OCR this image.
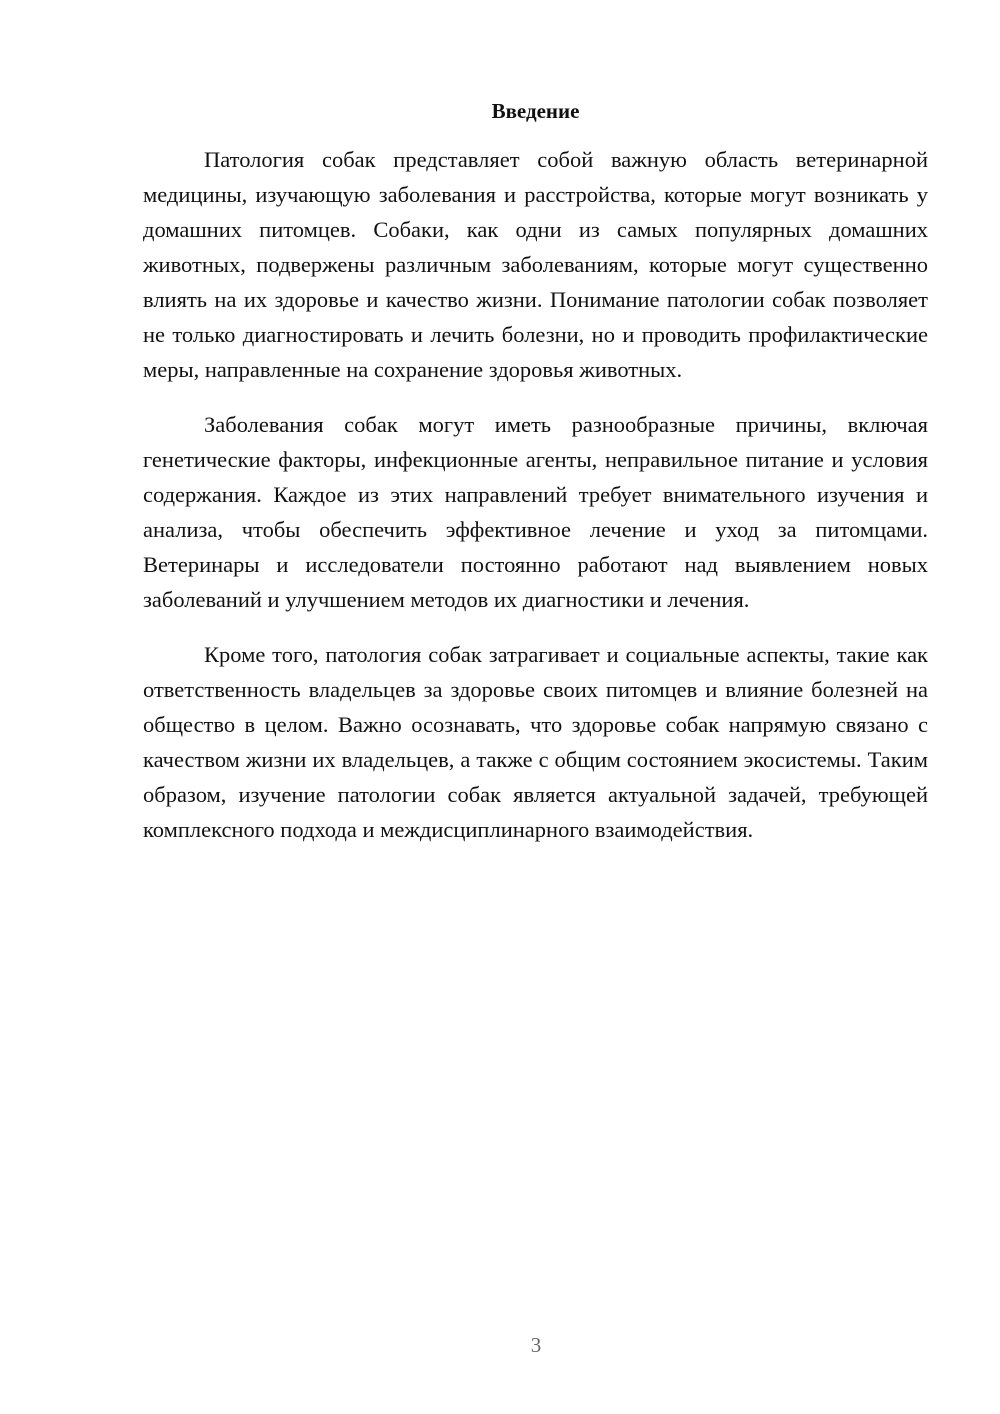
Введение

Патология собак представляет собой важную область ветеринарной медицины, изучающую заболевания и расстройства, которые могут возникать у домашних питомцев. Собаки, как одни из самых популярных домашних животных, подвержены различным заболеваниям, которые могут существенно влиять на их здоровье и качество жизни. Понимание патологии собак позволяет не только диагностировать и лечить болезни, но и проводить профилактические меры, направленные на сохранение здоровья животных.

Заболевания собак могут иметь разнообразные причины, включая генетические факторы, инфекционные агенты, неправильное питание и условия содержания. Каждое из этих направлений требует внимательного изучения и анализа, чтобы обеспечить эффективное лечение и уход за питомцами. Ветеринары и исследователи постоянно работают над выявлением новых заболеваний и улучшением методов их диагностики и лечения.

Кроме того, патология собак затрагивает и социальные аспекты, такие как ответственность владельцев за здоровье своих питомцев и влияние болезней на общество в целом. Важно осознавать, что здоровье собак напрямую связано с качеством жизни их владельцев, а также с общим состоянием экосистемы. Таким образом, изучение патологии собак является актуальной задачей, требующей комплексного подхода и междисциплинарного взаимодействия.

3
